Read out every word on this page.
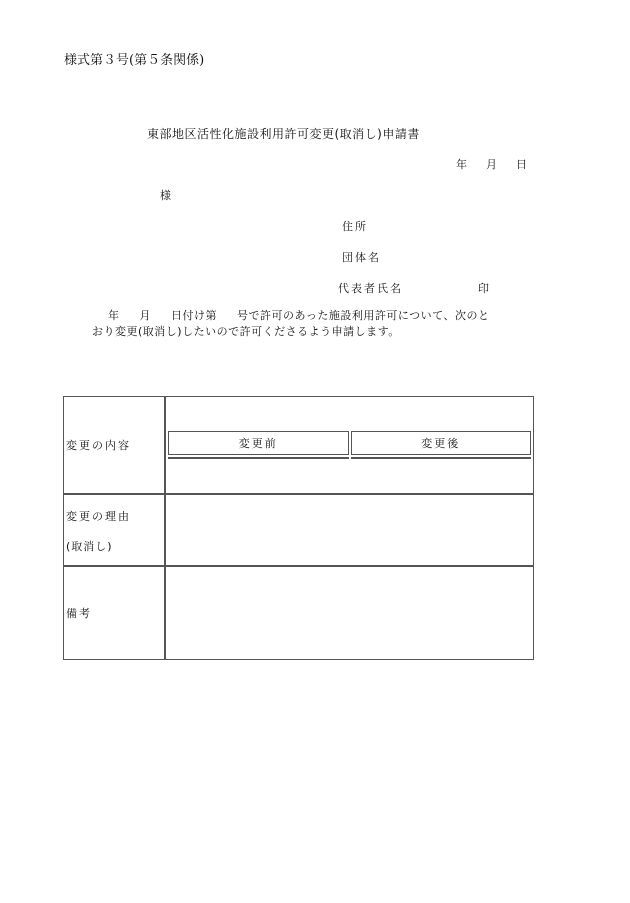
様式第３号(第５条関係)
東部地区活性化施設利用許可変更(取消し)申請書
年 月 日
様
住所
団体名
代表者氏名	印
年 月 日付け第 号で許可のあった施設利用許可について、次のと
おり変更(取消し)したいので許可くださるよう申請します。
変更の内容		変更前	変更後

変更の理由
(取消し)

備考	
